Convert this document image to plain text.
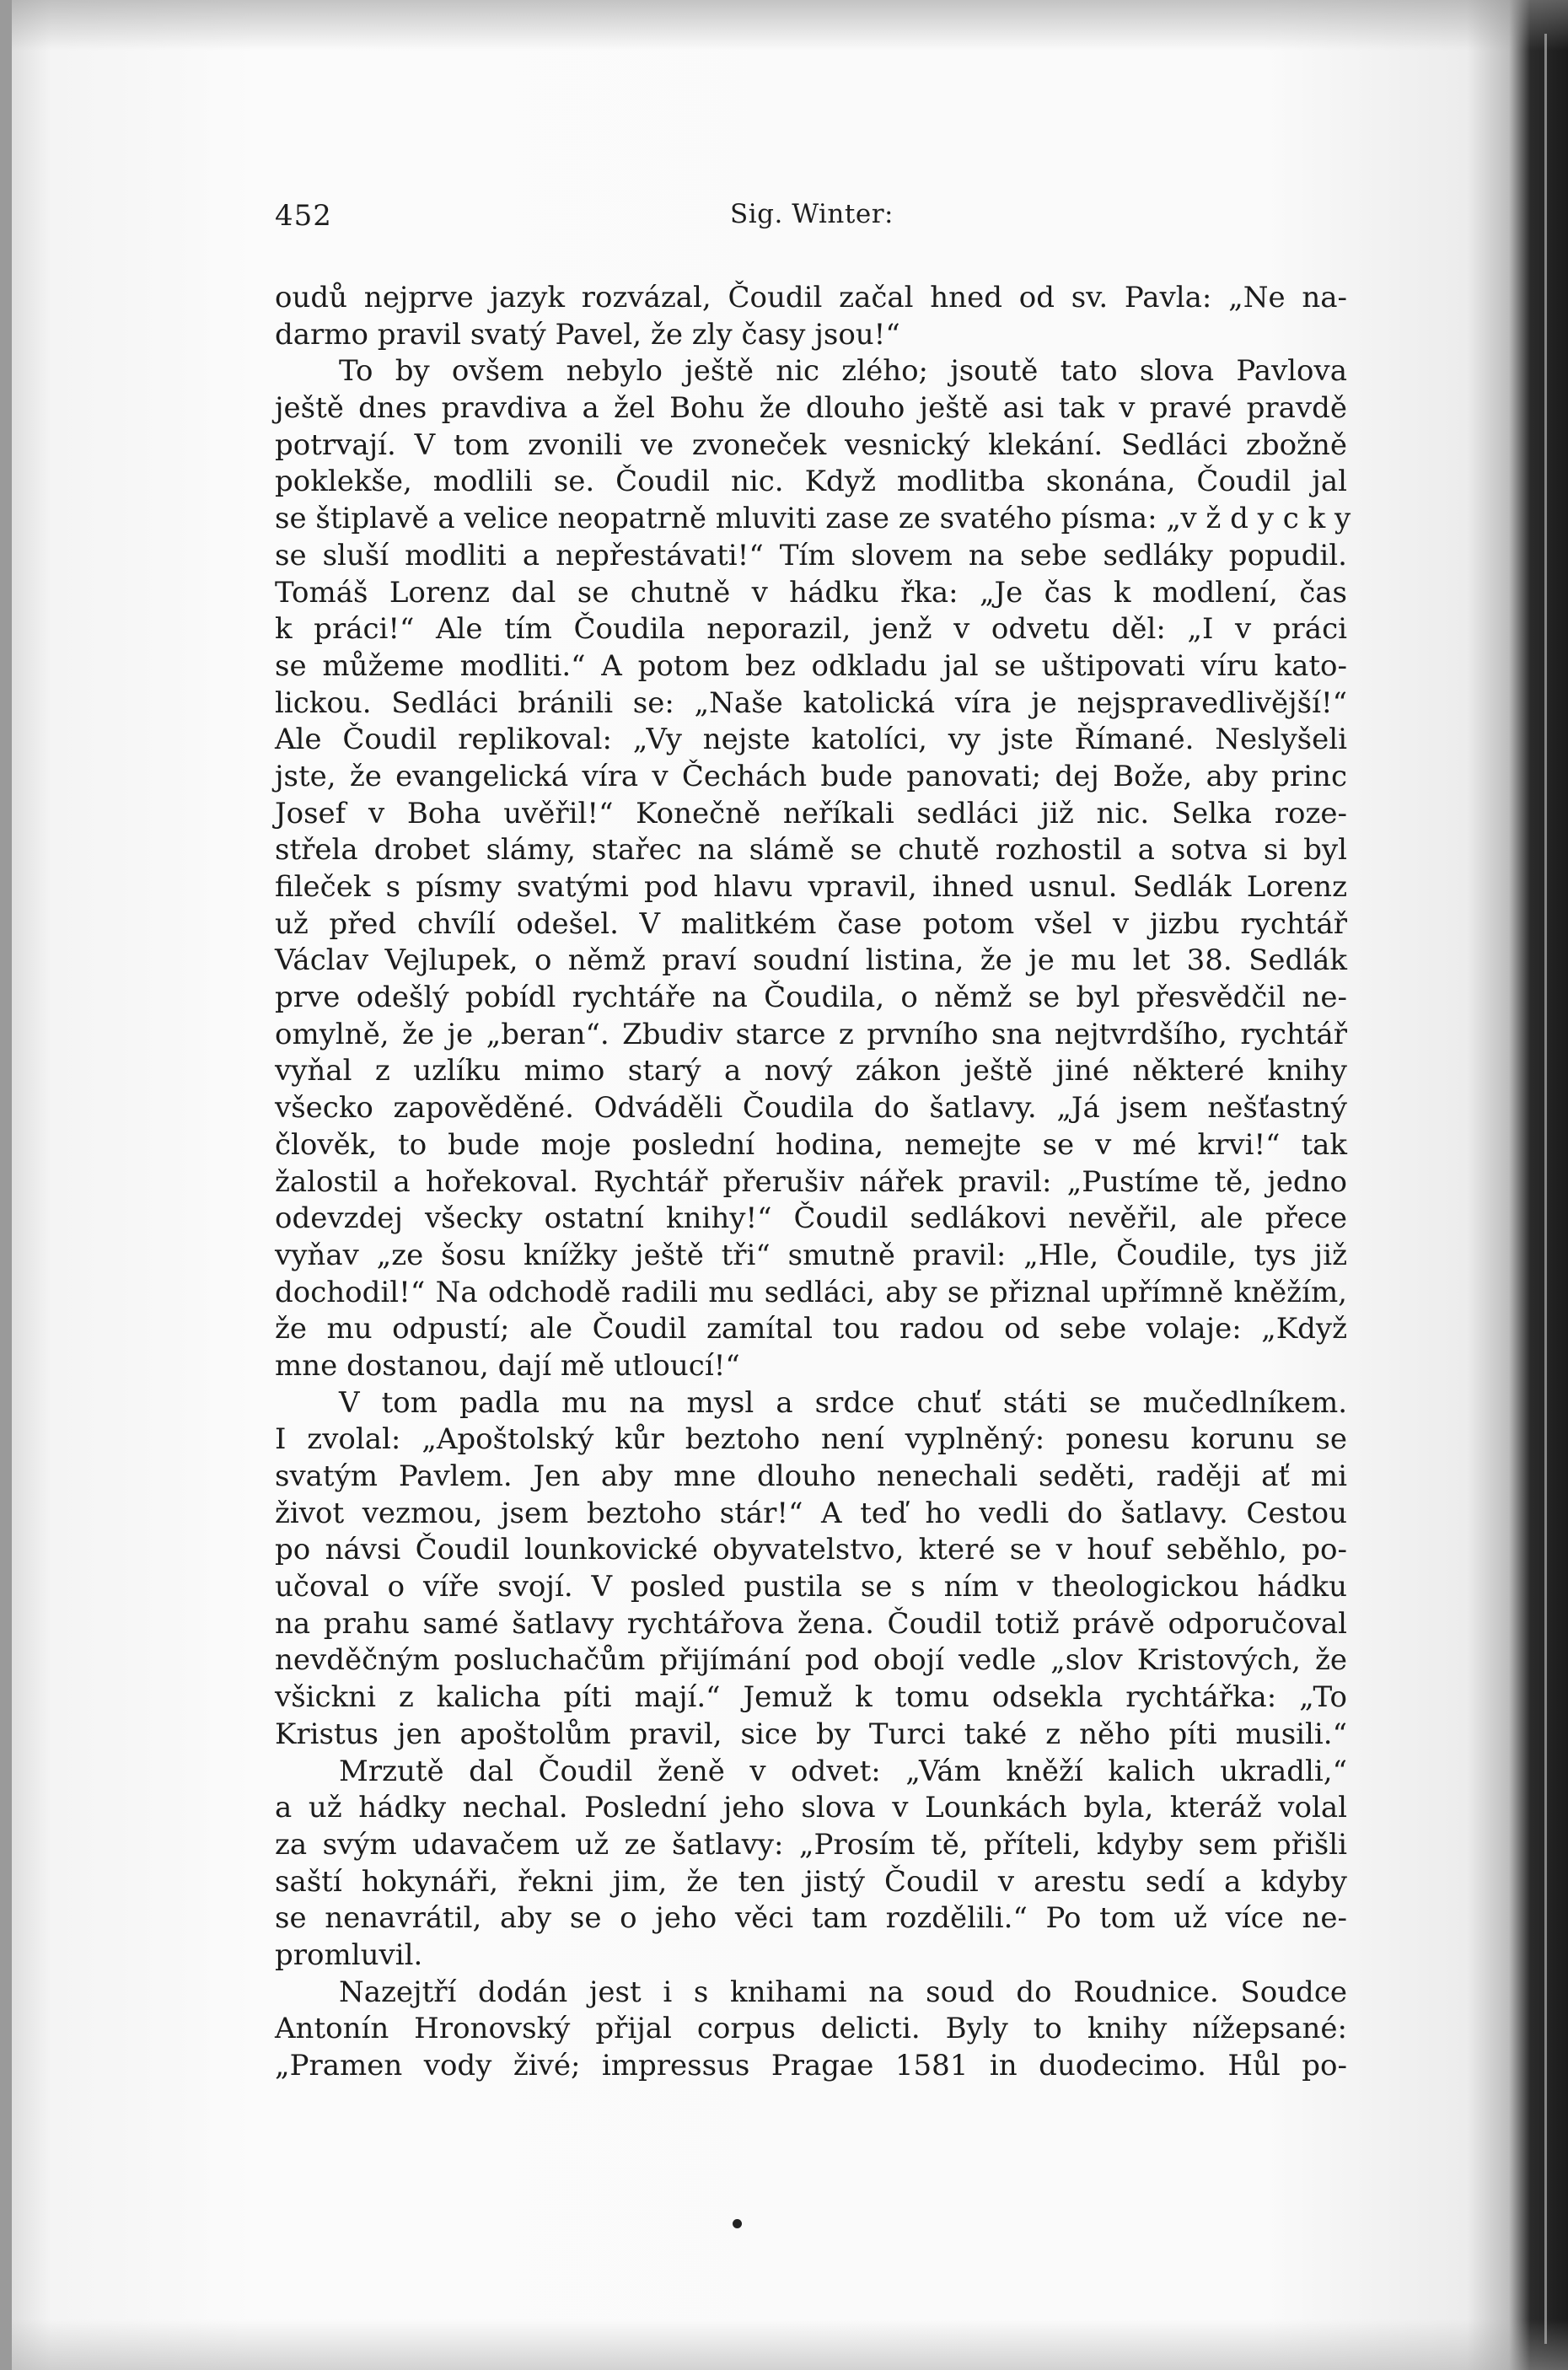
452	Sig. Winter:
oudů nejprve jazyk rozvázal, Čoudil začal hned od sv. Pavla: „Ne na-
darmo pravil svatý Pavel, že zly časy jsou!“
To by ovšem nebylo ještě nic zlého; jsoutě tato slova Pavlova
ještě dnes pravdiva a žel Bohu že dlouho ještě asi tak v pravé pravdě
potrvají. V tom zvonili ve zvoneček vesnický klekání. Sedláci zbožně
poklekše, modlili se. Čoudil nic. Když modlitba skonána, Čoudil jal
se štiplavě a velice neopatrně mluviti zase ze svatého písma: „v ž d y c k y
se sluší modliti a nepřestávati!“ Tím slovem na sebe sedláky popudil.
Tomáš Lorenz dal se chutně v hádku řka: „Je čas k modlení, čas
k práci!“ Ale tím Čoudila neporazil, jenž v odvetu děl: „I v práci
se můžeme modliti.“ A potom bez odkladu jal se uštipovati víru kato-
lickou. Sedláci bránili se: „Naše katolická víra je nejspravedlivější!“
Ale Čoudil replikoval: „Vy nejste katolíci, vy jste Římané. Neslyšeli
jste, že evangelická víra v Čechách bude panovati; dej Bože, aby princ
Josef v Boha uvěřil!“ Konečně neříkali sedláci již nic. Selka roze-
střela drobet slámy, stařec na slámě se chutě rozhostil a sotva si byl
fileček s písmy svatými pod hlavu vpravil, ihned usnul. Sedlák Lorenz
už před chvílí odešel. V malitkém čase potom všel v jizbu rychtář
Václav Vejlupek, o němž praví soudní listina, že je mu let 38. Sedlák
prve odešlý pobídl rychtáře na Čoudila, o němž se byl přesvědčil ne-
omylně, že je „beran“. Zbudiv starce z prvního sna nejtvrdšího, rychtář
vyňal z uzlíku mimo starý a nový zákon ještě jiné některé knihy
všecko zapověděné. Odváděli Čoudila do šatlavy. „Já jsem nešťastný
člověk, to bude moje poslední hodina, nemejte se v mé krvi!“ tak
žalostil a hořekoval. Rychtář přerušiv nářek pravil: „Pustíme tě, jedno
odevzdej všecky ostatní knihy!“ Čoudil sedlákovi nevěřil, ale přece
vyňav „ze šosu knížky ještě tři“ smutně pravil: „Hle, Čoudile, tys již
dochodil!“ Na odchodě radili mu sedláci, aby se přiznal upřímně kněžím,
že mu odpustí; ale Čoudil zamítal tou radou od sebe volaje: „Když
mne dostanou, dají mě utloucí!“
V tom padla mu na mysl a srdce chuť státi se mučedlníkem.
I zvolal: „Apoštolský kůr beztoho není vyplněný: ponesu korunu se
svatým Pavlem. Jen aby mne dlouho nenechali seděti, raději ať mi
život vezmou, jsem beztoho stár!“ A teď ho vedli do šatlavy. Cestou
po návsi Čoudil lounkovické obyvatelstvo, které se v houf seběhlo, po-
učoval o víře svojí. V posled pustila se s ním v theologickou hádku
na prahu samé šatlavy rychtářova žena. Čoudil totiž právě odporučoval
nevděčným posluchačům přijímání pod obojí vedle „slov Kristových, že
všickni z kalicha píti mají.“ Jemuž k tomu odsekla rychtářka: „To
Kristus jen apoštolům pravil, sice by Turci také z něho píti musili.“
Mrzutě dal Čoudil ženě v odvet: „Vám kněží kalich ukradli,“
a už hádky nechal. Poslední jeho slova v Lounkách byla, kteráž volal
za svým udavačem už ze šatlavy: „Prosím tě, příteli, kdyby sem přišli
saští hokynáři, řekni jim, že ten jistý Čoudil v arestu sedí a kdyby
se nenavrátil, aby se o jeho věci tam rozdělili.“ Po tom už více ne-
promluvil.
Nazejtří dodán jest i s knihami na soud do Roudnice. Soudce
Antonín Hronovský přijal corpus delicti. Byly to knihy nížepsané:
„Pramen vody živé; impressus Pragae 1581 in duodecimo. Hůl po-
